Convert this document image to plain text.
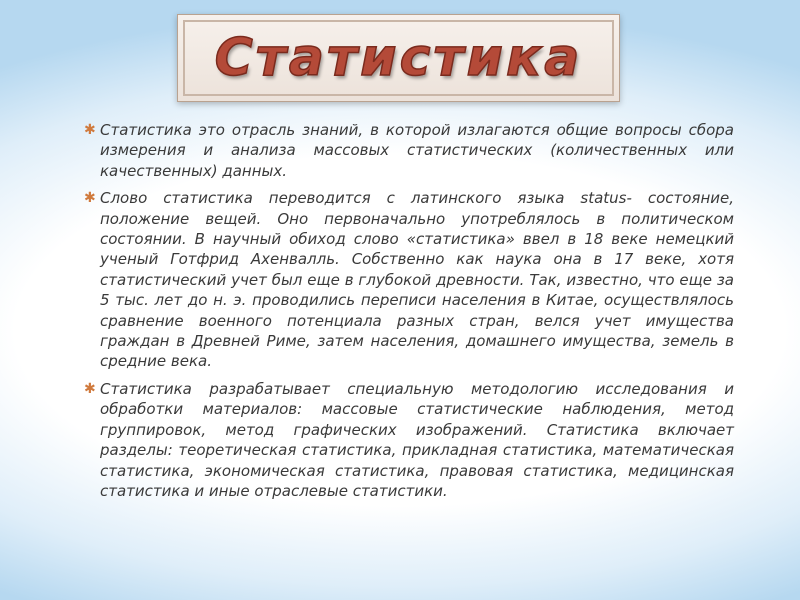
Статистика
✱ Статистика это отрасль знаний, в которой излагаются общие вопросы сбора измерения и анализа массовых статистических (количественных или качественных) данных.
✱ Слово статистика переводится с латинского языка status- состояние, положение вещей. Оно первоначально употреблялось в политическом состоянии. В научный обиход слово «статистика» ввел в 18 веке немецкий ученый Готфрид Ахенвалль. Собственно как наука она в 17 веке, хотя статистический учет был еще в глубокой древности. Так, известно, что еще за 5 тыс. лет до н. э. проводились переписи населения в Китае, осуществлялось сравнение военного потенциала разных стран, велся учет имущества граждан в Древней Риме, затем населения, домашнего имущества, земель в средние века.
✱ Статистика разрабатывает специальную методологию исследования и обработки материалов: массовые статистические наблюдения, метод группировок, метод графических изображений. Статистика включает разделы: теоретическая статистика, прикладная статистика, математическая статистика, экономическая статистика, правовая статистика, медицинская статистика и иные отраслевые статистики.
